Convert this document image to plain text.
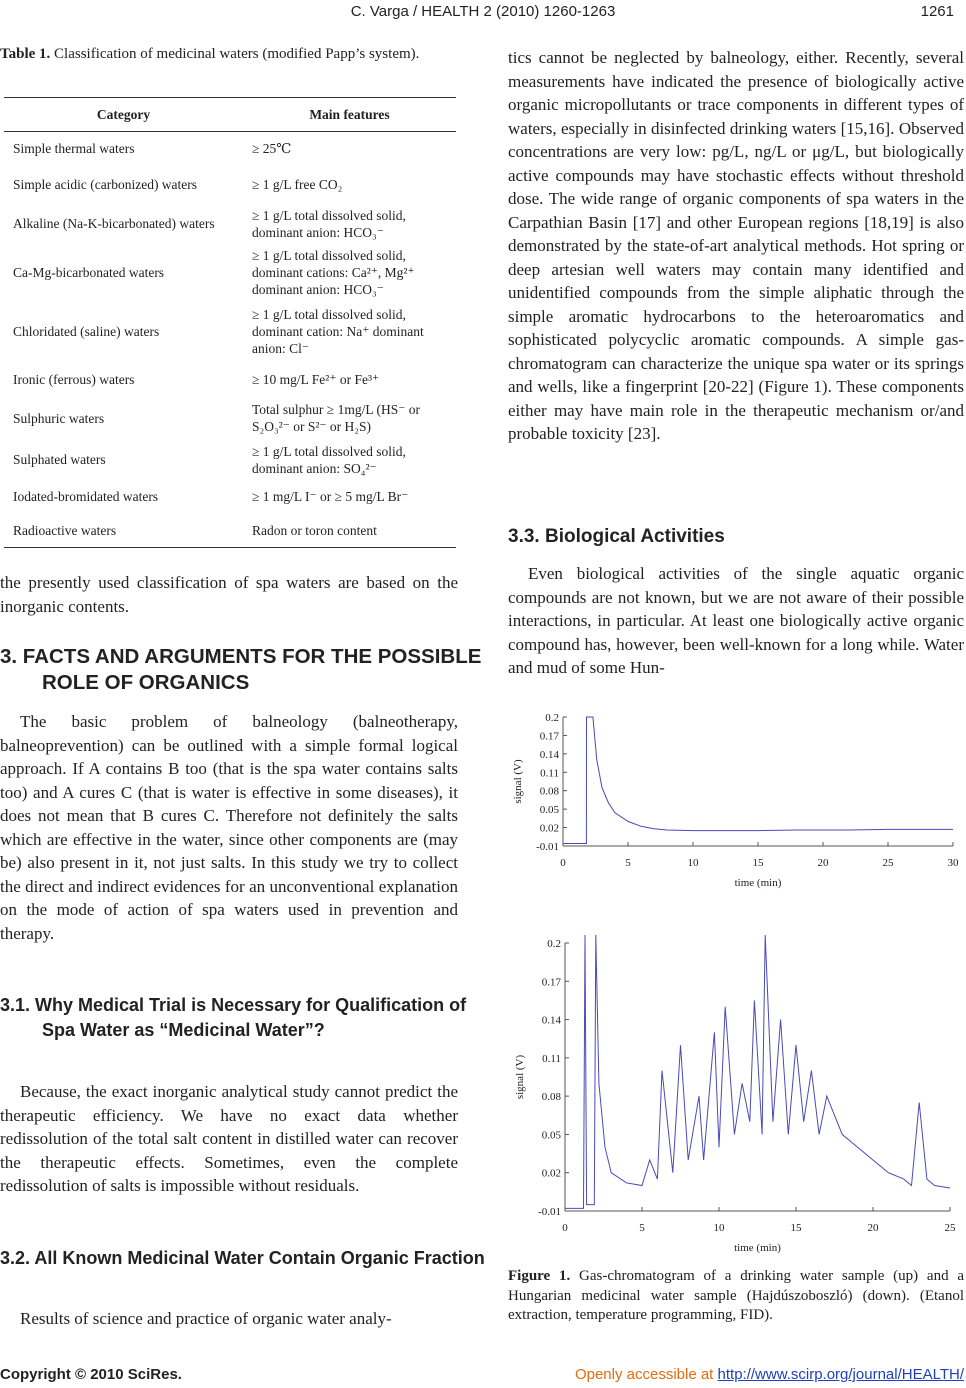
C. Varga / HEALTH 2 (2010) 1260-1263	1261
Table 1. Classification of medicinal waters (modified Papp’s system).
Category	Main features
Simple thermal waters	≥ 25℃
Simple acidic (carbonized) waters	≥ 1 g/L free CO₂
Alkaline (Na-K-bicarbonated) waters	≥ 1 g/L total dissolved solid, dominant anion: HCO₃⁻
Ca-Mg-bicarbonated waters	≥ 1 g/L total dissolved solid, dominant cations: Ca²⁺, Mg²⁺ dominant anion: HCO₃⁻
Chloridated (saline) waters	≥ 1 g/L total dissolved solid, dominant cation: Na⁺ dominant anion: Cl⁻
Ironic (ferrous) waters	≥ 10 mg/L Fe²⁺ or Fe³⁺
Sulphuric waters	Total sulphur ≥ 1mg/L (HS⁻ or S₂O₃²⁻ or S²⁻ or H₂S)
Sulphated waters	≥ 1 g/L total dissolved solid, dominant anion: SO₄²⁻
Iodated-bromidated waters	≥ 1 mg/L I⁻ or ≥ 5 mg/L Br⁻
Radioactive waters	Radon or toron content

the presently used classification of spa waters are based on the inorganic contents.

3. FACTS AND ARGUMENTS FOR THE POSSIBLE ROLE OF ORGANICS

The basic problem of balneology (balneotherapy, balneoprevention) can be outlined with a simple formal logical approach. If A contains B too (that is the spa water contains salts too) and A cures C (that is water is effective in some diseases), it does not mean that B cures C. Therefore not definitely the salts which are effective in the water, since other components are (may be) also present in it, not just salts. In this study we try to collect the direct and indirect evidences for an unconventional explanation on the mode of action of spa waters used in prevention and therapy.

3.1. Why Medical Trial is Necessary for Qualification of Spa Water as “Medicinal Water”?

Because, the exact inorganic analytical study cannot predict the therapeutic efficiency. We have no exact data whether redissolution of the total salt content in distilled water can recover the therapeutic effects. Sometimes, even the complete redissolution of salts is impossible without residuals.

3.2. All Known Medicinal Water Contain Organic Fraction

Results of science and practice of organic water analy-

tics cannot be neglected by balneology, either. Recently, several measurements have indicated the presence of biologically active organic micropollutants or trace components in different types of waters, especially in disinfected drinking waters [15,16]. Observed concentrations are very low: pg/L, ng/L or μg/L, but biologically active compounds may have stochastic effects without threshold dose. The wide range of organic components of spa waters in the Carpathian Basin [17] and other European regions [18,19] is also demonstrated by the state-of-art analytical methods. Hot spring or deep artesian well waters may contain many identified and unidentified compounds from the simple aliphatic through the simple aromatic hydrocarbons to the heteroaromatics and sophisticated polycyclic aromatic compounds. A simple gas-chromatogram can characterize the unique spa water or its springs and wells, like a fingerprint [20-22] (Figure 1). These components either may have main role in the therapeutic mechanism or/and probable toxicity [23].

3.3. Biological Activities

Even biological activities of the single aquatic organic compounds are not known, but we are not aware of their possible interactions, in particular. At least one biologically active organic compound has, however, been well-known for a long while. Water and mud of some Hun-

0.2
0.17
0.14
0.11
0.08
0.05
0.02
-0.01
0	5	10	15	20	25	30
time (min)
signal (V)
0.2
0.17
0.14
0.11
0.08
0.05
0.02
-0.01
0	5	10	15	20	25
time (min)
signal (V)
Figure 1. Gas-chromatogram of a drinking water sample (up) and a Hungarian medicinal water sample (Hajdúszoboszló) (down). (Etanol extraction, temperature programming, FID).
Copyright © 2010 SciRes.	Openly accessible at http://www.scirp.org/journal/HEALTH/
